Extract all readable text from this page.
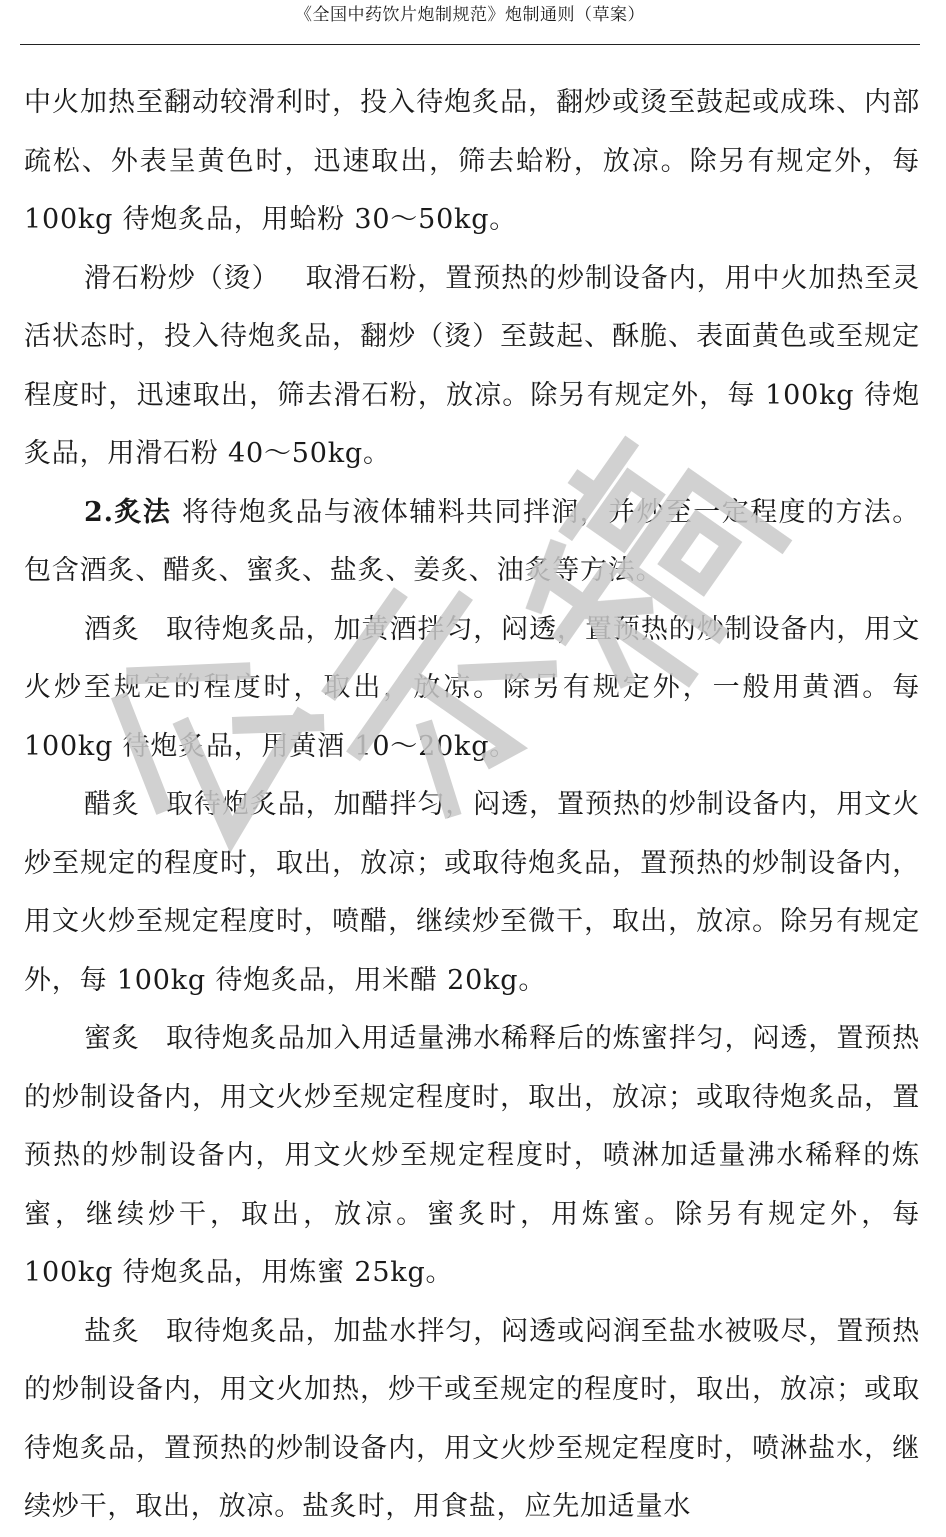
《全国中药饮片炮制规范》炮制通则（草案）

中火加热至翻动较滑利时，投入待炮炙品，翻炒或烫至鼓起或成珠、内部疏松、外表呈黄色时，迅速取出，筛去蛤粉，放凉。除另有规定外，每 100kg 待炮炙品，用蛤粉 30～50kg。

滑石粉炒（烫） 取滑石粉，置预热的炒制设备内，用中火加热至灵活状态时，投入待炮炙品，翻炒（烫）至鼓起、酥脆、表面黄色或至规定程度时，迅速取出，筛去滑石粉，放凉。除另有规定外，每 100kg 待炮炙品，用滑石粉 40～50kg。

2.炙法 将待炮炙品与液体辅料共同拌润，并炒至一定程度的方法。包含酒炙、醋炙、蜜炙、盐炙、姜炙、油炙等方法。

酒炙 取待炮炙品，加黄酒拌匀，闷透，置预热的炒制设备内，用文火炒至规定的程度时，取出，放凉。除另有规定外，一般用黄酒。每 100kg 待炮炙品，用黄酒 10～20kg。

醋炙 取待炮炙品，加醋拌匀，闷透，置预热的炒制设备内，用文火炒至规定的程度时，取出，放凉；或取待炮炙品，置预热的炒制设备内，用文火炒至规定程度时，喷醋，继续炒至微干，取出，放凉。除另有规定外，每 100kg 待炮炙品，用米醋 20kg。

蜜炙 取待炮炙品加入用适量沸水稀释后的炼蜜拌匀，闷透，置预热的炒制设备内，用文火炒至规定程度时，取出，放凉；或取待炮炙品，置预热的炒制设备内，用文火炒至规定程度时，喷淋加适量沸水稀释的炼蜜，继续炒干，取出，放凉。蜜炙时，用炼蜜。除另有规定外，每 100kg 待炮炙品，用炼蜜 25kg。

盐炙 取待炮炙品，加盐水拌匀，闷透或闷润至盐水被吸尽，置预热的炒制设备内，用文火加热，炒干或至规定的程度时，取出，放凉；或取待炮炙品，置预热的炒制设备内，用文火炒至规定程度时，喷淋盐水，继续炒干，取出，放凉。盐炙时，用食盐，应先加适量水
